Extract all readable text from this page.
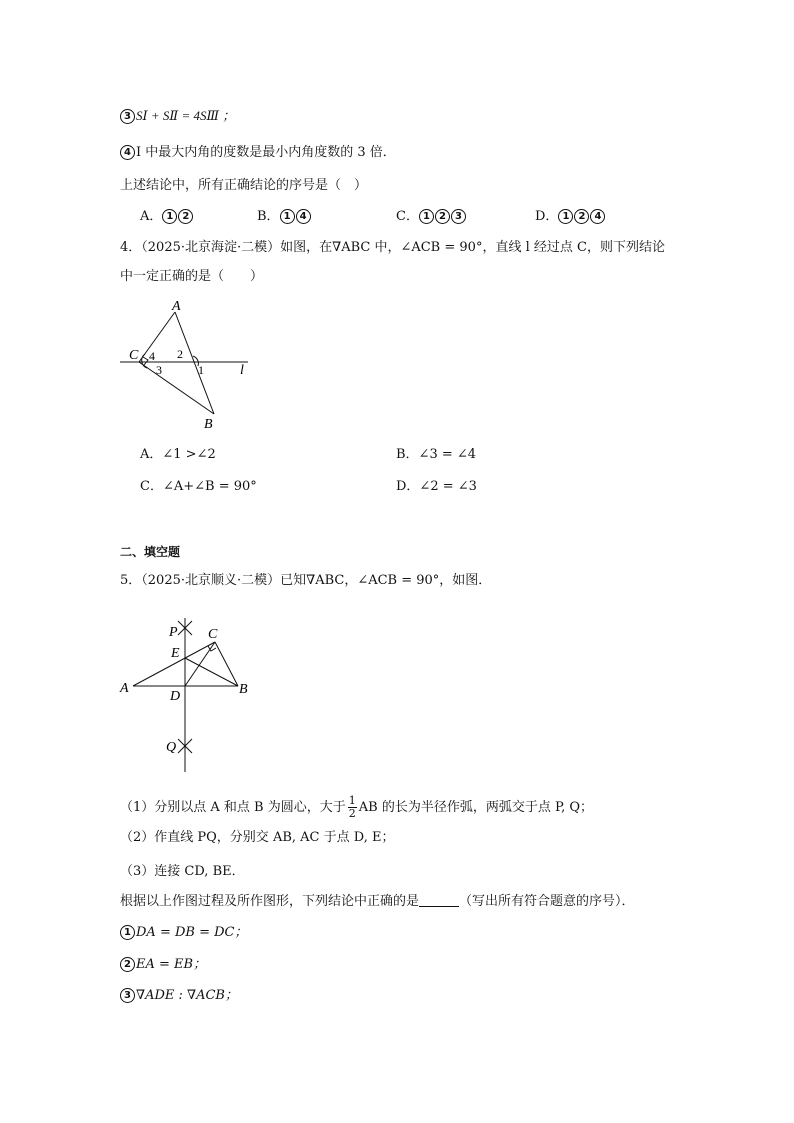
3 SⅠ + SⅡ = 4SⅢ ；
4 Ⅰ 中最大内角的度数是最小内角度数的 3 倍．
上述结论中，所有正确结论的序号是（　）
A． 1 2	B． 1 4	C． 1 2 3	D． 1 2 4
4．（2025·北京海淀·二模）如图，在∇ABC 中，∠ACB = 90°，直线 l 经过点 C，则下列结论
中一定正确的是（　　）
A
C 4 2
3	1	l
B
A．∠1 >∠2	B．∠3 = ∠4
C．∠A+∠B = 90°	D．∠2 = ∠3
二、填空题
5．（2025·北京顺义·二模）已知∇ABC，∠ACB = 90°，如图．
P C
E
A
D	B
Q
（1）分别以点 A 和点 B 为圆心，大于 $\frac{1}{2}$ AB 的长为半径作弧，两弧交于点 P, Q；
（2）作直线 PQ，分别交 AB, AC 于点 D, E；
（3）连接 CD, BE．
根据以上作图过程及所作图形，下列结论中正确的是	（写出所有符合题意的序号）．
1 DA = DB = DC；
2 EA = EB；
3 ∇ADE : ∇ACB；
